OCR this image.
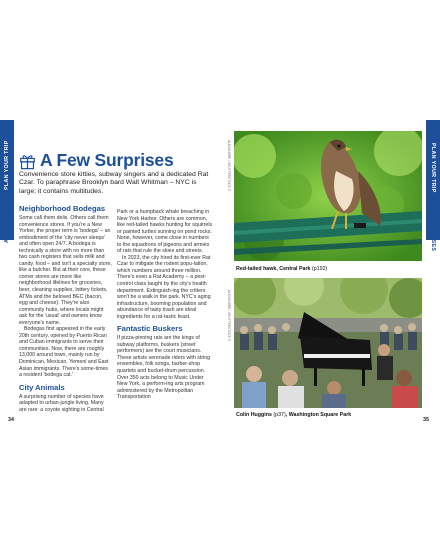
PLAN YOUR TRIP
A FEW SURPRISES
PLAN YOUR TRIP
A FEW SURPRISES
A Few Surprises
Convenience store kitties, subway singers and a dedicated Rat Czar. To paraphrase Brooklyn bard Walt Whitman – NYC is large; it contains multitudes.
Neighborhood Bodegas

Some call them delis. Others call them convenience stores. If you're a New Yorker, the proper term is 'bodega' – an embodiment of the 'city never sleeps' and often open 24/7. A bodega is technically a store with no more than two cash registers that sells milk and candy. food – and isn't a specialty store, like a butcher. But at their core, these corner stores are more like neighborhood lifelines for groceries, beer, cleaning supplies, lottery tickets, ATMs and the beloved BEC (bacon, egg and cheese). They're also community hubs, where locals might ask for the 'usual' and owners know everyone's name.

Bodegas first appeared in the early 20th century, opened by Puerto Rican and Cuban immigrants to serve their communities. Now, there are roughly 13,000 around town, mainly run by Dominican, Mexican, Yemeni and East Asian immigrants. There's some-times a resident 'bodega cat.'

City Animals

A surprising number of species have adapted to urban-jungle living. Many are rare: a coyote sighting in Central

Park or a humpback whale breaching in New York Harbor. Others are common, like red-tailed hawks hunting for squirrels or painted turtles sunning on pond rocks. None, however, come close in numbers to the squadrons of pigeons and armies of rats that rule the skies and streets.

In 2023, the city hired its first-ever Rat Czar to mitigate the rodent popu-lation, which numbers around three million. There's even a Rat Academy – a pest-control class taught by the city's health department. Extinguish-ing the critters won't be a walk in the park. NYC's aging infrastructure, booming population and abundance of tasty trash are ideal ingredients for a rat-tastic feast.

Fantastic Buskers

If pizza-pinning rats are the kings of subway platforms, buskers (street performers) are the court musicians. These artists serenade riders with string ensembles, folk songs, barber-shop quartets and bucket-drum percussion. Over 350 acts belong to Music Under New York, a perform-ing arts program administered by the Metropolitan Transportation

34	35
Red-tailed hawk, Central Park (p192)
ALEXANDRE / SHUTTERSTOCK ©
Colin Huggins (p37), Washington Square Park
ALEXANDRE / SHUTTERSTOCK ©
